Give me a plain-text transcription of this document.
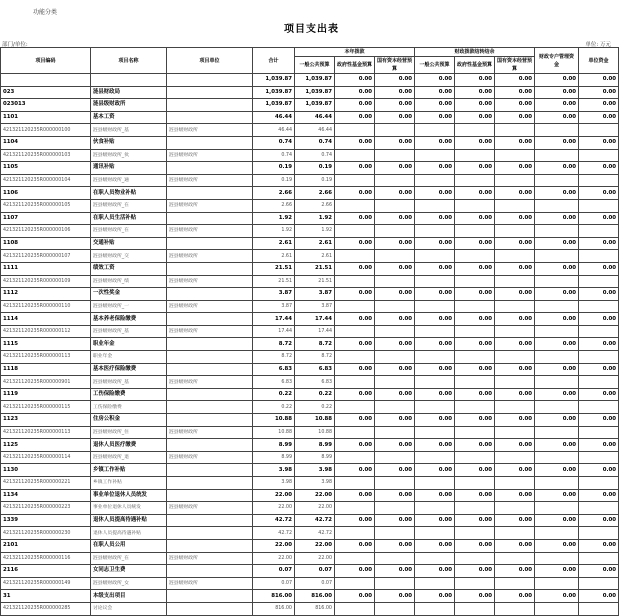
功能分类
项目支出表
部门/单位:	单位: 万元
项目编码	项目名称	项目单位	合计	本年拨款			财政拨款结转结余			财政专户管理资金	单位资金
				一般公共预算	政府性基金预算	国有资本经营预算	一般公共预算	政府性基金预算	国有资本经营预算		
			1,039.87	1,039.87	0.00	0.00	0.00	0.00	0.00	0.00	0.00
023	涟县财政局		1,039.87	1,039.87	0.00	0.00	0.00	0.00	0.00	0.00	0.00
023013	涟县级财政所		1,039.87	1,039.87	0.00	0.00	0.00	0.00	0.00	0.00	0.00
1101	基本工资		46.44	46.44	0.00	0.00	0.00	0.00	0.00	0.00	0.00
421321120235R000000100	涟县级财政所_基	涟县级财政所	46.44	46.44							
1104	伙食补贴		0.74	0.74	0.00	0.00	0.00	0.00	0.00	0.00	0.00
421321120235R000000103	涟县级财政所_伙	涟县级财政所	0.74	0.74							
1105	通讯补贴		0.19	0.19	0.00	0.00	0.00	0.00	0.00	0.00	0.00
421321120235R000000104	涟县级财政所_通	涟县级财政所	0.19	0.19							
1106	在职人员物业补贴		2.66	2.66	0.00	0.00	0.00	0.00	0.00	0.00	0.00
421321120235R000000105	涟县级财政所_在	涟县级财政所	2.66	2.66							
1107	在职人员生活补贴		1.92	1.92	0.00	0.00	0.00	0.00	0.00	0.00	0.00
421321120235R000000106	涟县级财政所_在	涟县级财政所	1.92	1.92							
1108	交通补贴		2.61	2.61	0.00	0.00	0.00	0.00	0.00	0.00	0.00
421321120235R000000107	涟县级财政所_交	涟县级财政所	2.61	2.61							
1111	绩效工资		21.51	21.51	0.00	0.00	0.00	0.00	0.00	0.00	0.00
421321120235R000000109	涟县级财政所_绩	涟县级财政所	21.51	21.51							
1112	一次性奖金		3.87	3.87	0.00	0.00	0.00	0.00	0.00	0.00	0.00
421321120235R000000110	涟县级财政所_一	涟县级财政所	3.87	3.87							
1114	基本养老保险缴费		17.44	17.44	0.00	0.00	0.00	0.00	0.00	0.00	0.00
421321120235R000000112	涟县级财政所_基	涟县级财政所	17.44	17.44							
1115	职业年金		8.72	8.72	0.00	0.00	0.00	0.00	0.00	0.00	0.00
421321120235R000000113	职业年金		8.72	8.72							
1118	基本医疗保险缴费		6.83	6.83	0.00	0.00	0.00	0.00	0.00	0.00	0.00
421321120235R000000901	涟县级财政所_基	涟县级财政所	6.83	6.83							
1119	工伤保险缴费		0.22	0.22	0.00	0.00	0.00	0.00	0.00	0.00	0.00
421321120235R000000115	工伤保险缴费		0.22	0.22							
1123	住房公积金		10.88	10.88	0.00	0.00	0.00	0.00	0.00	0.00	0.00
421321120235R000000113	涟县级财政所_住	涟县级财政所	10.88	10.88							
1125	退休人员医疗缴费		8.99	8.99	0.00	0.00	0.00	0.00	0.00	0.00	0.00
421321120235R000000114	涟县级财政所_退	涟县级财政所	8.99	8.99							
1130	乡镇工作补贴		3.98	3.98	0.00	0.00	0.00	0.00	0.00	0.00	0.00
421321120235R000000221	乡镇工作补贴		3.98	3.98							
1134	事业单位退休人员统发		22.00	22.00	0.00	0.00	0.00	0.00	0.00	0.00	0.00
421321120235R000000223	事业单位退休人员统发	涟县级财政所	22.00	22.00							
1339	退休人员提高待遇补贴		42.72	42.72	0.00	0.00	0.00	0.00	0.00	0.00	0.00
421321120235R000000230	退休人员提高待遇补贴		42.72	42.72							
2101	在职人员公用		22.00	22.00	0.00	0.00	0.00	0.00	0.00	0.00	0.00
421321120235R000000116	涟县级财政所_在	涟县级财政所	22.00	22.00							
2116	女同志卫生费		0.07	0.07	0.00	0.00	0.00	0.00	0.00	0.00	0.00
421321120235R000000149	涟县级财政所_女	涟县级财政所	0.07	0.07							
31	本级支出项目		816.00	816.00	0.00	0.00	0.00	0.00	0.00	0.00	0.00
421321120235R000000285	讨论议会		816.00	816.00							
